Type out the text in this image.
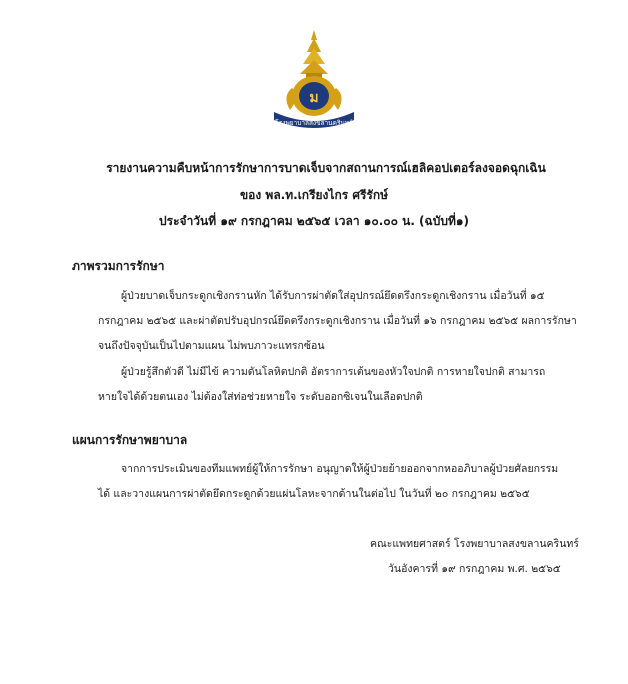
ม
โรงพยาบาลสงขลานครินทร์
รายงานความคืบหน้าการรักษาการบาดเจ็บจากสถานการณ์เฮลิคอปเตอร์ลงจอดฉุกเฉิน
ของ พล.ท.เกรียงไกร ศรีรักษ์
ประจำวันที่ ๑๙ กรกฎาคม ๒๕๖๕ เวลา ๑๐.๐๐ น. (ฉบับที่๑)
ภาพรวมการรักษา
ผู้ป่วยบาดเจ็บกระดูกเชิงกรานหัก ได้รับการผ่าตัดใส่อุปกรณ์ยึดตรึงกระดูกเชิงกราน เมื่อวันที่ ๑๕
กรกฎาคม ๒๕๖๕ และผ่าตัดปรับอุปกรณ์ยึดตรึงกระดูกเชิงกราน เมื่อวันที่ ๑๖ กรกฎาคม ๒๕๖๕ ผลการรักษา
จนถึงปัจจุบันเป็นไปตามแผน ไม่พบภาวะแทรกซ้อน
ผู้ป่วยรู้สึกตัวดี ไม่มีไข้ ความดันโลหิตปกติ อัตราการเต้นของหัวใจปกติ การหายใจปกติ สามารถ
หายใจได้ด้วยตนเอง ไม่ต้องใส่ท่อช่วยหายใจ ระดับออกซิเจนในเลือดปกติ
แผนการรักษาพยาบาล
จากการประเมินของทีมแพทย์ผู้ให้การรักษา อนุญาตให้ผู้ป่วยย้ายออกจากหออภิบาลผู้ป่วยศัลยกรรม
ได้ และวางแผนการผ่าตัดยึดกระดูกด้วยแผ่นโลหะจากด้านในต่อไป ในวันที่ ๒๐ กรกฎาคม ๒๕๖๕
คณะแพทยศาสตร์ โรงพยาบาลสงขลานครินทร์
วันอังคารที่ ๑๙ กรกฎาคม พ.ศ. ๒๕๖๕
